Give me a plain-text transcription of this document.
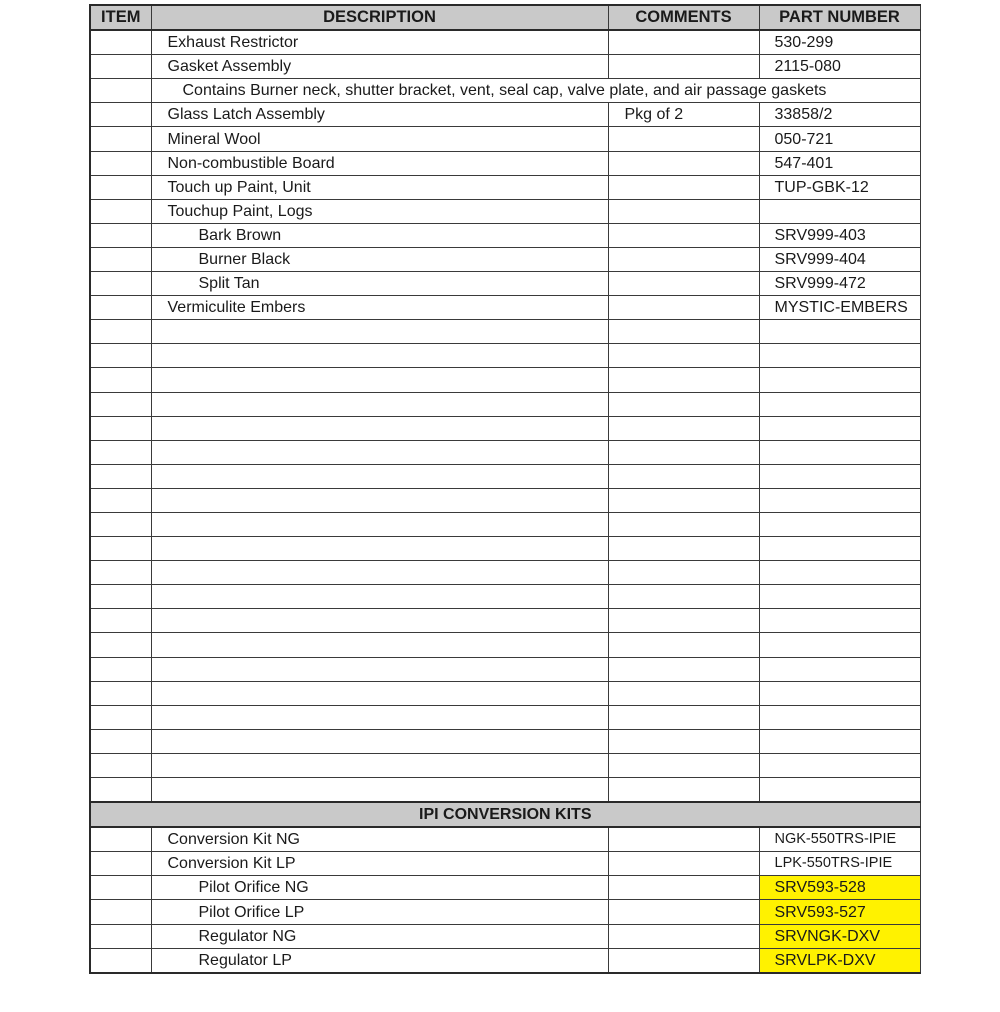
ITEM	DESCRIPTION	COMMENTS	PART NUMBER
	Exhaust Restrictor		530-299
	Gasket Assembly		2115-080
	Contains Burner neck, shutter bracket, vent, seal cap, valve plate, and air passage gaskets		
	Glass Latch Assembly	Pkg of 2	33858/2
	Mineral Wool		050-721
	Non-combustible Board		547-401
	Touch up Paint, Unit		TUP-GBK-12
	Touchup Paint, Logs		
	Bark Brown		SRV999-403
	Burner Black		SRV999-404
	Split Tan		SRV999-472
	Vermiculite Embers		MYSTIC-EMBERS

IPI CONVERSION KITS			
	Conversion Kit NG		NGK-550TRS-IPIE
	Conversion Kit LP		LPK-550TRS-IPIE
	Pilot Orifice NG		SRV593-528
	Pilot Orifice LP		SRV593-527
	Regulator NG		SRVNGK-DXV
	Regulator LP		SRVLPK-DXV
